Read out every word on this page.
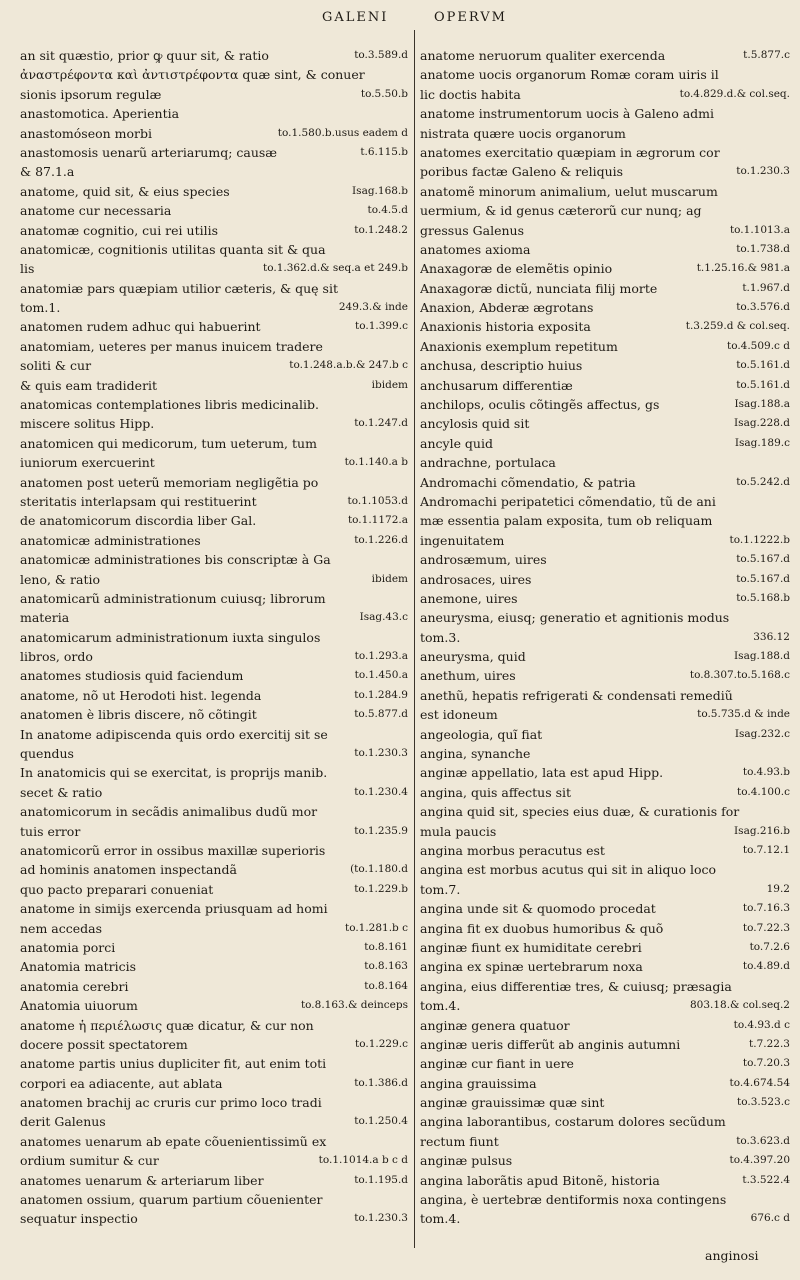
GALENI	OPERVM
an sit quæstio, prior ꝙ quur sit, & ratio	to.3.589.d
ἀναστρέφοντα καὶ ἀντιστρέφοντα quæ sint, & conuer
sionis ipsorum regulæ	to.5.50.b
anastomotica. Aperientia
anastomóseon morbi	to.1.580.b.usus eadem d
anastomosis uenarũ arteriarumq; causæ	t.6.115.b
& 87.1.a
anatome, quid sit, & eius species	Isag.168.b
anatome cur necessaria	to.4.5.d
anatomæ cognitio, cui rei utilis	to.1.248.2
anatomicæ, cognitionis utilitas quanta sit & qua
lis	to.1.362.d.& seq.a et 249.b
anatomiæ pars quæpiam utilior cæteris, & quę sit
tom.1.	249.3.& inde
anatomen rudem adhuc qui habuerint	to.1.399.c
anatomiam, ueteres per manus inuicem tradere
soliti & cur	to.1.248.a.b.& 247.b c
& quis eam tradiderit	ibidem
anatomicas contemplationes libris medicinalib.
miscere solitus Hipp.	to.1.247.d
anatomicen qui medicorum, tum ueterum, tum
iuniorum exercuerint	to.1.140.a b
anatomen post ueterũ memoriam negligẽtia po
steritatis interlapsam qui restituerint	to.1.1053.d
de anatomicorum discordia liber Gal.	to.1.1172.a
anatomicæ administrationes	to.1.226.d
anatomicæ administrationes bis conscriptæ à Ga
leno, & ratio	ibidem
anatomicarũ administrationum cuiusq; librorum
materia	Isag.43.c
anatomicarum administrationum iuxta singulos
libros, ordo	to.1.293.a
anatomes studiosis quid faciendum	to.1.450.a
anatome, nõ ut Herodoti hist. legenda	to.1.284.9
anatomen è libris discere, nõ cõtingit	to.5.877.d
In anatome adipiscenda quis ordo exercitij sit se
quendus	to.1.230.3
In anatomicis qui se exercitat, is proprijs manib.
secet & ratio	to.1.230.4
anatomicorum in secãdis animalibus dudũ mor
tuis error	to.1.235.9
anatomicorũ error in ossibus maxillæ superioris
ad hominis anatomen inspectandã	(to.1.180.d
quo pacto preparari conueniat	to.1.229.b
anatome in simijs exercenda priusquam ad homi
nem accedas	to.1.281.b c
anatomia porci	to.8.161
Anatomia matricis	to.8.163
anatomia cerebri	to.8.164
Anatomia uiuorum	to.8.163.& deinceps
anatome ἡ περιέλωσις quæ dicatur, & cur non
docere possit spectatorem	to.1.229.c
anatome partis unius dupliciter fit, aut enim toti
corpori ea adiacente, aut ablata	to.1.386.d
anatomen brachij ac cruris cur primo loco tradi
derit Galenus	to.1.250.4
anatomes uenarum ab epate cõuenientissimũ ex
ordium sumitur & cur	to.1.1014.a b c d
anatomes uenarum & arteriarum liber	to.1.195.d
anatomen ossium, quarum partium cõuenienter
sequatur inspectio	to.1.230.3
anatome neruorum qualiter exercenda	t.5.877.c
anatome uocis organorum Romæ coram uiris il
lic doctis habita	to.4.829.d.& col.seq.
anatome instrumentorum uocis à Galeno admi
nistrata quære uocis organorum
anatomes exercitatio quæpiam in ægrorum cor
poribus factæ Galeno & reliquis	to.1.230.3
anatomẽ minorum animalium, uelut muscarum
uermium, & id genus cæterorũ cur nunq; ag
gressus Galenus	to.1.1013.a
anatomes axioma	to.1.738.d
Anaxagoræ de elemẽtis opinio	t.1.25.16.& 981.a
Anaxagoræ dictũ, nunciata filij morte	t.1.967.d
Anaxion, Abderæ ægrotans	to.3.576.d
Anaxionis historia exposita	t.3.259.d & col.seq.
Anaxionis exemplum repetitum	to.4.509.c d
anchusa, descriptio huius	to.5.161.d
anchusarum differentiæ	to.5.161.d
anchilops, oculis cõtingẽs affectus, gs	Isag.188.a
ancylosis quid sit	Isag.228.d
ancyle quid	Isag.189.c
andrachne, portulaca
Andromachi cõmendatio, & patria	to.5.242.d
Andromachi peripatetici cõmendatio, tũ de ani
mæ essentia palam exposita, tum ob reliquam
ingenuitatem	to.1.1222.b
androsæmum, uires	to.5.167.d
androsaces, uires	to.5.167.d
anemone, uires	to.5.168.b
aneurysma, eiusq; generatio et agnitionis modus
tom.3.	336.12
aneurysma, quid	Isag.188.d
anethum, uires	to.8.307.to.5.168.c
anethũ, hepatis refrigerati & condensati remediũ
est idoneum	to.5.735.d & inde
angeologia, quĩ fiat	Isag.232.c
angina, synanche
anginæ appellatio, lata est apud Hipp.	to.4.93.b
angina, quis affectus sit	to.4.100.c
angina quid sit, species eius duæ, & curationis for
mula paucis	Isag.216.b
angina morbus peracutus est	to.7.12.1
angina est morbus acutus qui sit in aliquo loco
tom.7.	19.2
angina unde sit & quomodo procedat	to.7.16.3
angina fit ex duobus humoribus & quõ	to.7.22.3
anginæ fiunt ex humiditate cerebri	to.7.2.6
angina ex spinæ uertebrarum noxa	to.4.89.d
angina, eius differentiæ tres, & cuiusq; præsagia
tom.4.	803.18.& col.seq.2
anginæ genera quatuor	to.4.93.d c
anginæ ueris differũt ab anginis autumni	t.7.22.3
anginæ cur fiant in uere	to.7.20.3
angina grauissima	to.4.674.54
anginæ grauissimæ quæ sint	to.3.523.c
angina laborantibus, costarum dolores secũdum
rectum fiunt	to.3.623.d
anginæ pulsus	to.4.397.20
angina laborãtis apud Bitonẽ, historia	t.3.522.4
angina, è uertebræ dentiformis noxa contingens
tom.4.	676.c d
anginosi
